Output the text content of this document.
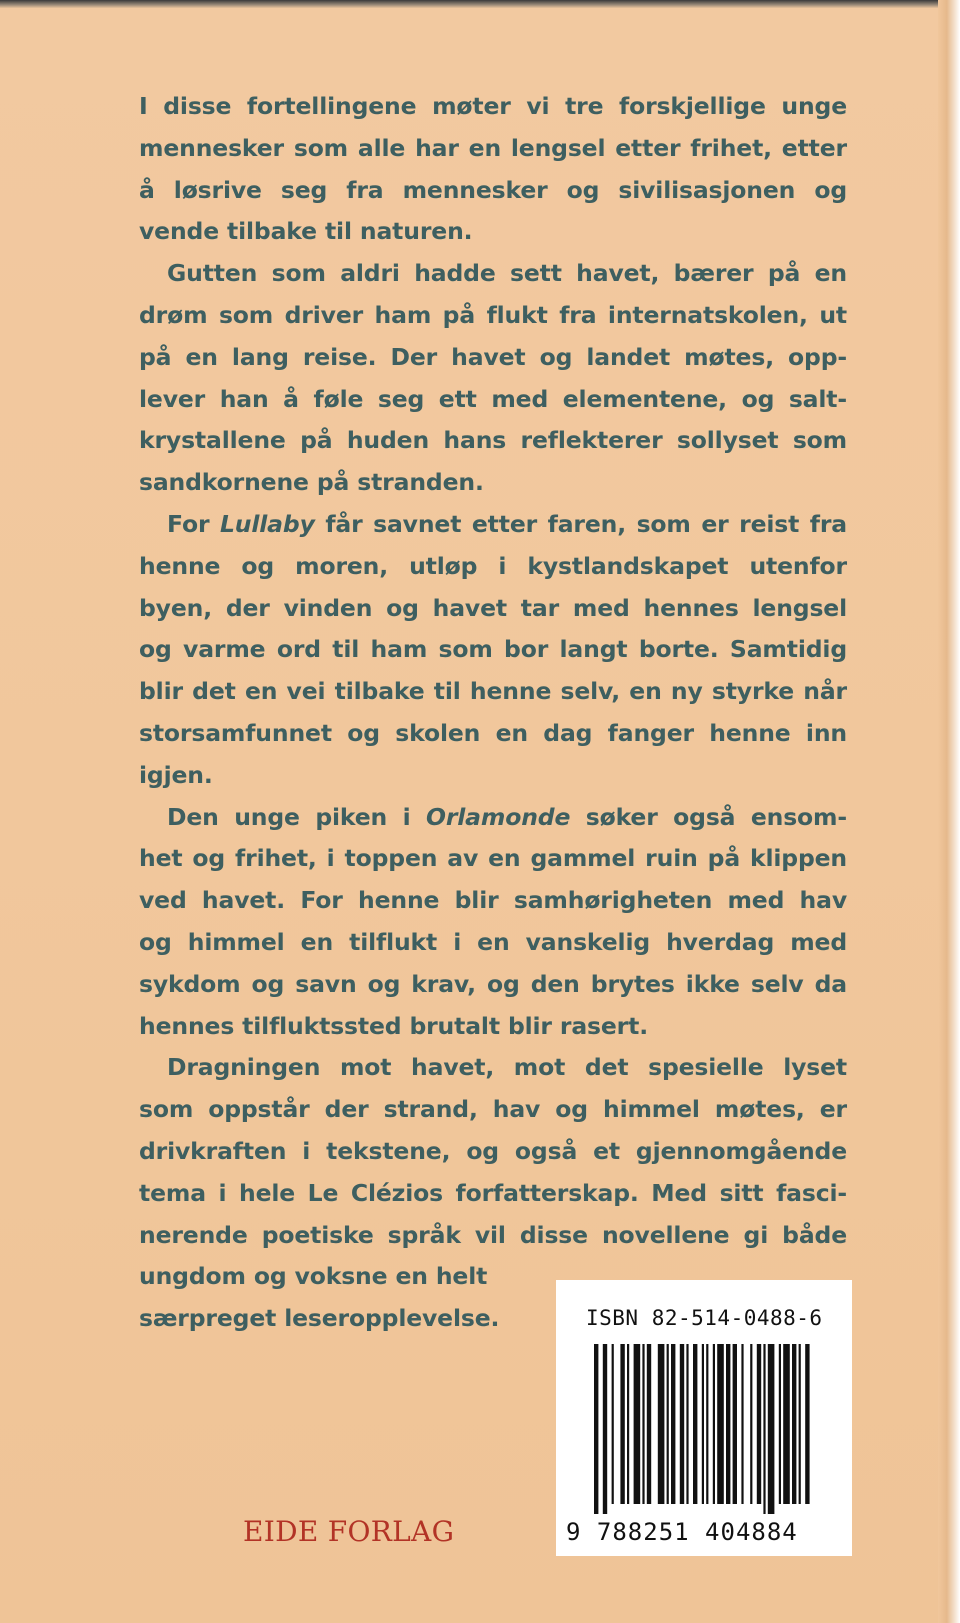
I disse fortellingene møter vi tre forskjellige unge
mennesker som alle har en lengsel etter frihet, etter
å løsrive seg fra mennesker og sivilisasjonen og
vende tilbake til naturen.

Gutten som aldri hadde sett havet, bærer på en
drøm som driver ham på flukt fra internatskolen, ut
på en lang reise. Der havet og landet møtes, opp-
lever han å føle seg ett med elementene, og salt-
krystallene på huden hans reflekterer sollyset som
sandkornene på stranden.

For Lullaby får savnet etter faren, som er reist fra
henne og moren, utløp i kystlandskapet utenfor
byen, der vinden og havet tar med hennes lengsel
og varme ord til ham som bor langt borte. Samtidig
blir det en vei tilbake til henne selv, en ny styrke når
storsamfunnet og skolen en dag fanger henne inn
igjen.

Den unge piken i Orlamonde søker også ensom-
het og frihet, i toppen av en gammel ruin på klippen
ved havet. For henne blir samhørigheten med hav
og himmel en tilflukt i en vanskelig hverdag med
sykdom og savn og krav, og den brytes ikke selv da
hennes tilfluktssted brutalt blir rasert.

Dragningen mot havet, mot det spesielle lyset
som oppstår der strand, hav og himmel møtes, er
drivkraften i tekstene, og også et gjennomgående
tema i hele Le Clézios forfatterskap. Med sitt fasci-
nerende poetiske språk vil disse novellene gi både
ungdom og voksne en helt
særpreget leseropplevelse.

EIDE FORLAG
ISBN 82-514-0488-6
9 788251 404884
